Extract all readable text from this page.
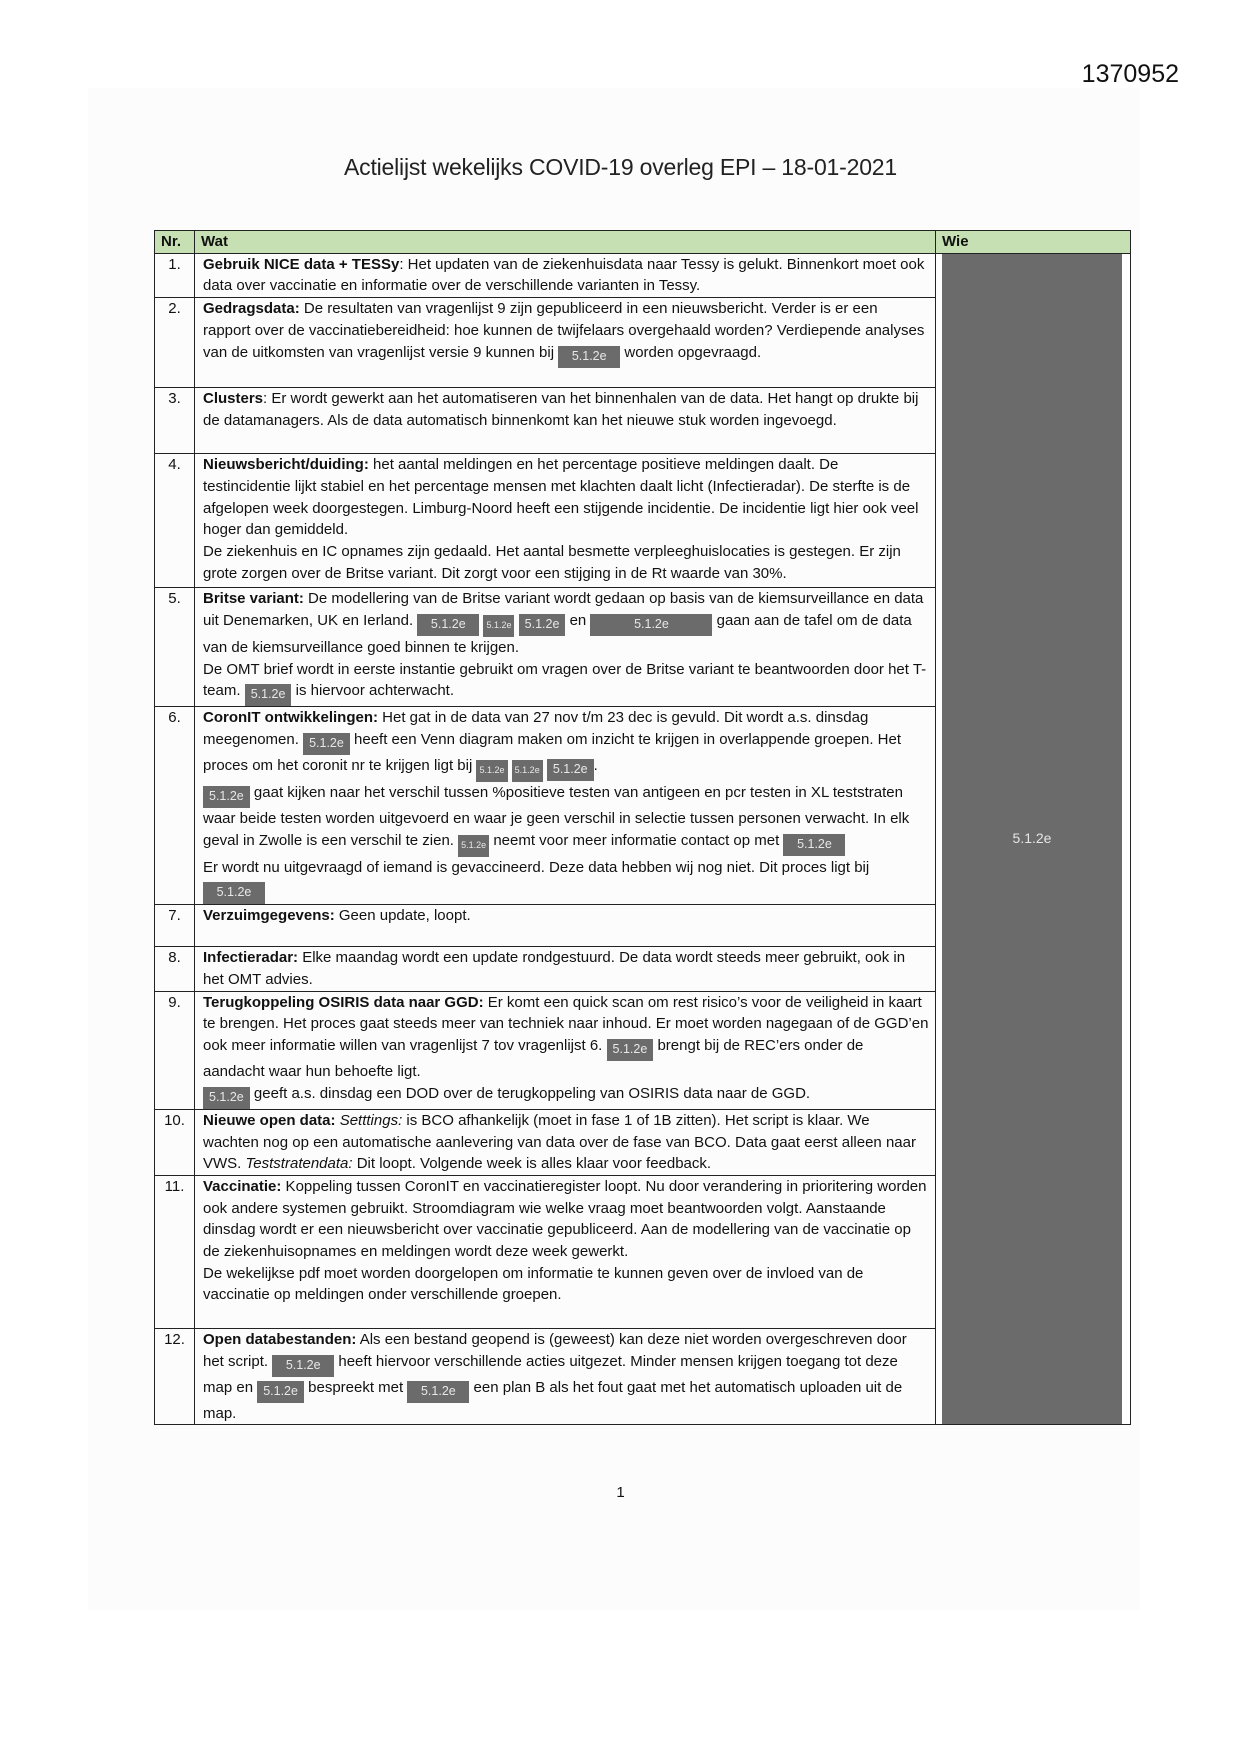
1370952
Actielijst wekelijks COVID-19 overleg EPI – 18-01-2021
Nr.	Wat	Wie
1.	Gebruik NICE data + TESSy: Het updaten van de ziekenhuisdata naar Tessy is gelukt. Binnenkort moet ook data over vaccinatie en informatie over de verschillende varianten in Tessy.	5.1.2e

2.	Gedragsdata: De resultaten van vragenlijst 9 zijn gepubliceerd in een nieuwsbericht. Verder is er een rapport over de vaccinatiebereidheid: hoe kunnen de twijfelaars overgehaald worden? Verdiepende analyses van de uitkomsten van vragenlijst versie 9 kunnen bij 5.1.2e worden opgevraagd.	
3.	Clusters: Er wordt gewerkt aan het automatiseren van het binnenhalen van de data. Het hangt op drukte bij de datamanagers. Als de data automatisch binnenkomt kan het nieuwe stuk worden ingevoegd.	
4.	Nieuwsbericht/duiding: het aantal meldingen en het percentage positieve meldingen daalt. De testincidentie lijkt stabiel en het percentage mensen met klachten daalt licht (Infectieradar). De sterfte is de afgelopen week doorgestegen. Limburg-Noord heeft een stijgende incidentie. De incidentie ligt hier ook veel hoger dan gemiddeld.
De ziekenhuis en IC opnames zijn gedaald. Het aantal besmette verpleeghuislocaties is gestegen. Er zijn grote zorgen over de Britse variant. Dit zorgt voor een stijging in de Rt waarde van 30%.	
5.	Britse variant: De modellering van de Britse variant wordt gedaan op basis van de kiemsurveillance en data uit Denemarken, UK en Ierland. 5.1.2e 5.1.2e 5.1.2e en 5.1.2e gaan aan de tafel om de data van de kiemsurveillance goed binnen te krijgen.
De OMT brief wordt in eerste instantie gebruikt om vragen over de Britse variant te beantwoorden door het T-team. 5.1.2e is hiervoor achterwacht.	
6.	CoronIT ontwikkelingen: Het gat in de data van 27 nov t/m 23 dec is gevuld. Dit wordt a.s. dinsdag meegenomen. 5.1.2e heeft een Venn diagram maken om inzicht te krijgen in overlappende groepen. Het proces om het coronit nr te krijgen ligt bij 5.1.2e 5.1.2e 5.1.2e .
5.1.2e gaat kijken naar het verschil tussen %positieve testen van antigeen en pcr testen in XL teststraten waar beide testen worden uitgevoerd en waar je geen verschil in selectie tussen personen verwacht. In elk geval in Zwolle is een verschil te zien. 5.1.2e neemt voor meer informatie contact op met 5.1.2e
Er wordt nu uitgevraagd of iemand is gevaccineerd. Deze data hebben wij nog niet. Dit proces ligt bij 5.1.2e	
7.	Verzuimgegevens: Geen update, loopt.	
8.	Infectieradar: Elke maandag wordt een update rondgestuurd. De data wordt steeds meer gebruikt, ook in het OMT advies.	
9.	Terugkoppeling OSIRIS data naar GGD: Er komt een quick scan om rest risico’s voor de veiligheid in kaart te brengen. Het proces gaat steeds meer van techniek naar inhoud. Er moet worden nagegaan of de GGD’en ook meer informatie willen van vragenlijst 7 tov vragenlijst 6. 5.1.2e brengt bij de REC’ers onder de aandacht waar hun behoefte ligt.
5.1.2e geeft a.s. dinsdag een DOD over de terugkoppeling van OSIRIS data naar de GGD.	
10.	Nieuwe open data: Setttings: is BCO afhankelijk (moet in fase 1 of 1B zitten). Het script is klaar. We wachten nog op een automatische aanlevering van data over de fase van BCO. Data gaat eerst alleen naar VWS. Teststratendata: Dit loopt. Volgende week is alles klaar voor feedback.	
11.	Vaccinatie: Koppeling tussen CoronIT en vaccinatieregister loopt. Nu door verandering in prioritering worden ook andere systemen gebruikt. Stroomdiagram wie welke vraag moet beantwoorden volgt. Aanstaande dinsdag wordt er een nieuwsbericht over vaccinatie gepubliceerd. Aan de modellering van de vaccinatie op de ziekenhuisopnames en meldingen wordt deze week gewerkt.
De wekelijkse pdf moet worden doorgelopen om informatie te kunnen geven over de invloed van de vaccinatie op meldingen onder verschillende groepen.	
12.	Open databestanden: Als een bestand geopend is (geweest) kan deze niet worden overgeschreven door het script. 5.1.2e heeft hiervoor verschillende acties uitgezet. Minder mensen krijgen toegang tot deze map en 5.1.2e bespreekt met 5.1.2e een plan B als het fout gaat met het automatisch uploaden uit de map.	
1
